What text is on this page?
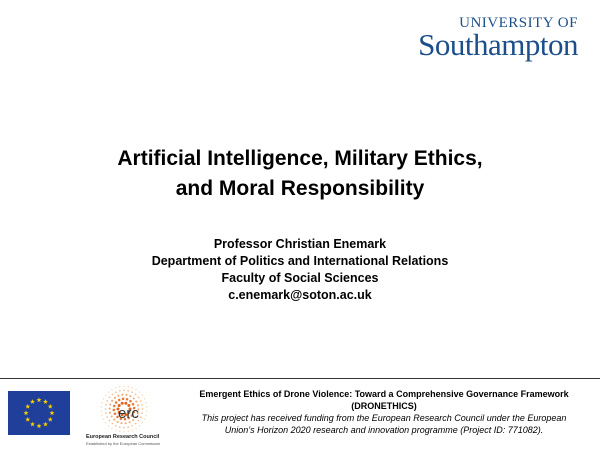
UNIVERSITY OF
Southampton
Artificial Intelligence, Military Ethics,
and Moral Responsibility
Professor Christian Enemark
Department of Politics and International Relations
Faculty of Social Sciences
c.enemark@soton.ac.uk
erc
European Research Council
Established by the European Commission
Emergent Ethics of Drone Violence: Toward a Comprehensive Governance Framework
(DRONETHICS)
This project has received funding from the European Research Council under the European
Union’s Horizon 2020 research and innovation programme (Project ID: 771082).
